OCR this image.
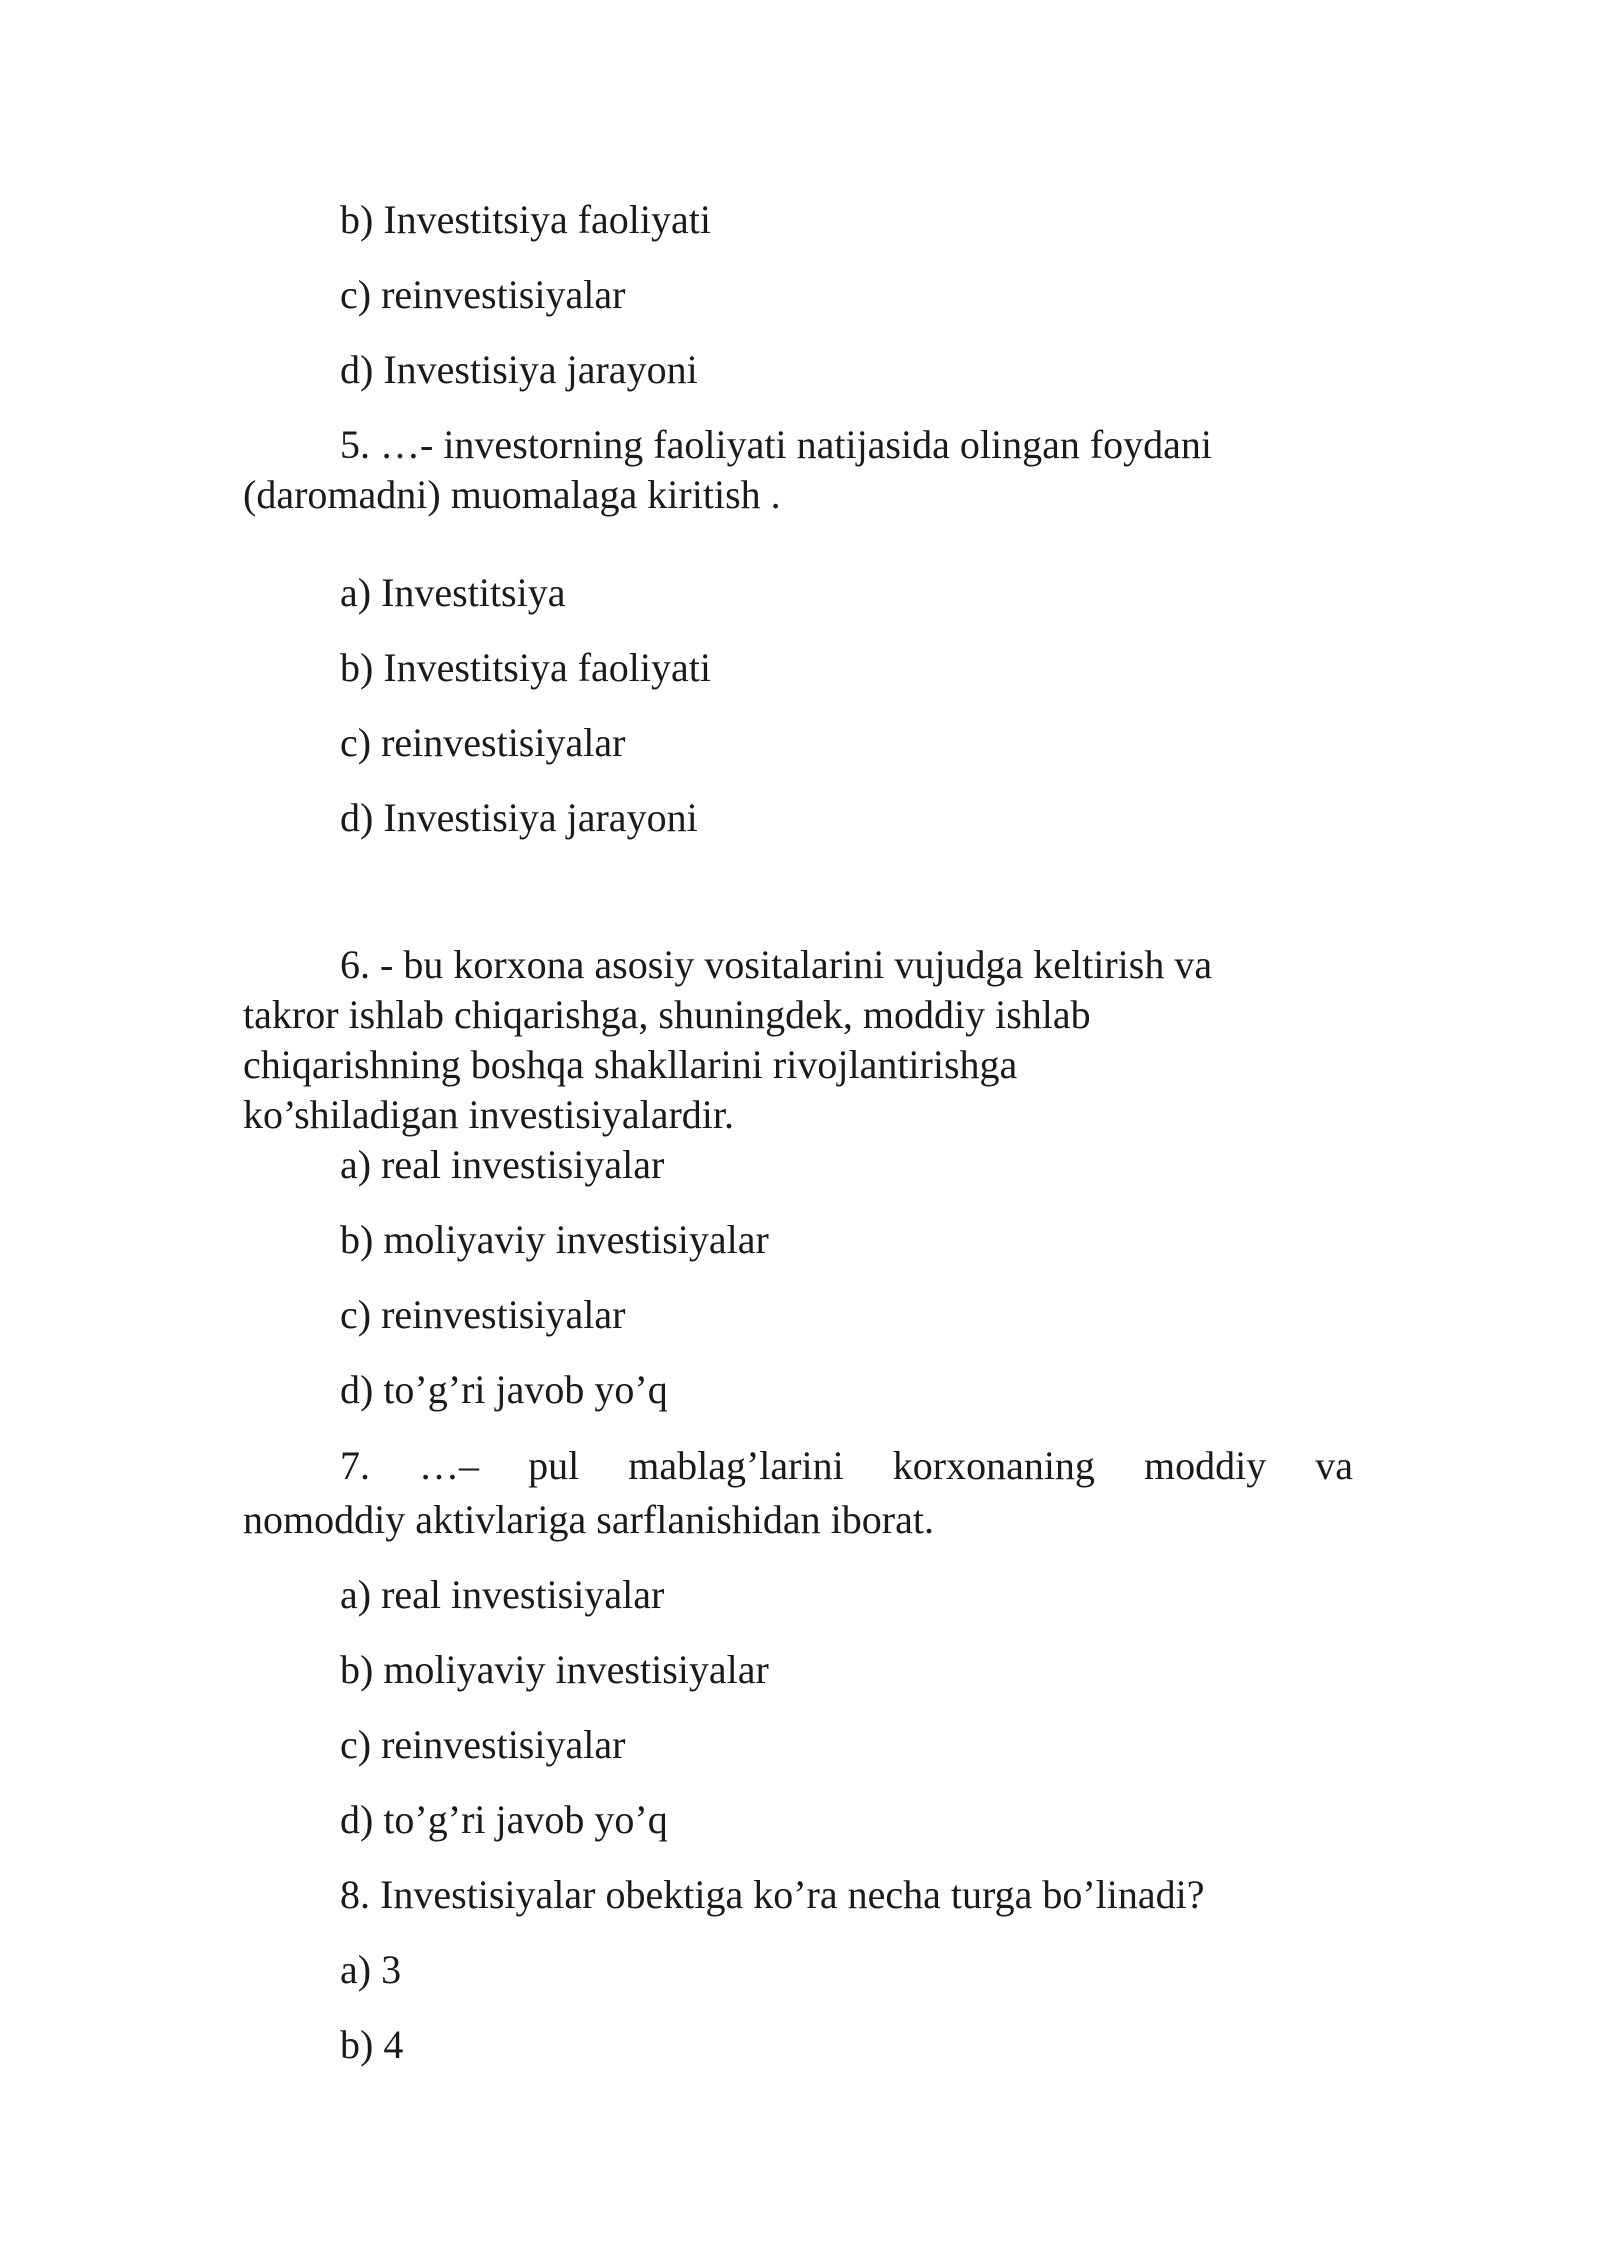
b) Investitsiya faoliyati
c) reinvestisiyalar
d) Investisiya jarayoni
5. …- investorning faoliyati natijasida olingan foydani
(daromadni) muomalaga kiritish .
a) Investitsiya
b) Investitsiya faoliyati
c) reinvestisiyalar
d) Investisiya jarayoni
6. - bu korxona asosiy vositalarini vujudga keltirish va
takror ishlab chiqarishga, shuningdek, moddiy ishlab
chiqarishning boshqa shakllarini rivojlantirishga
ko’shiladigan investisiyalardir.
a) real investisiyalar
b) moliyaviy investisiyalar
c) reinvestisiyalar
d) to’g’ri javob yo’q
7. …– pul mablag’larini korxonaning moddiy va
nomoddiy aktivlariga sarflanishidan iborat.
a) real investisiyalar
b) moliyaviy investisiyalar
c) reinvestisiyalar
d) to’g’ri javob yo’q
8. Investisiyalar obektiga ko’ra necha turga bo’linadi?
a) 3
b) 4
